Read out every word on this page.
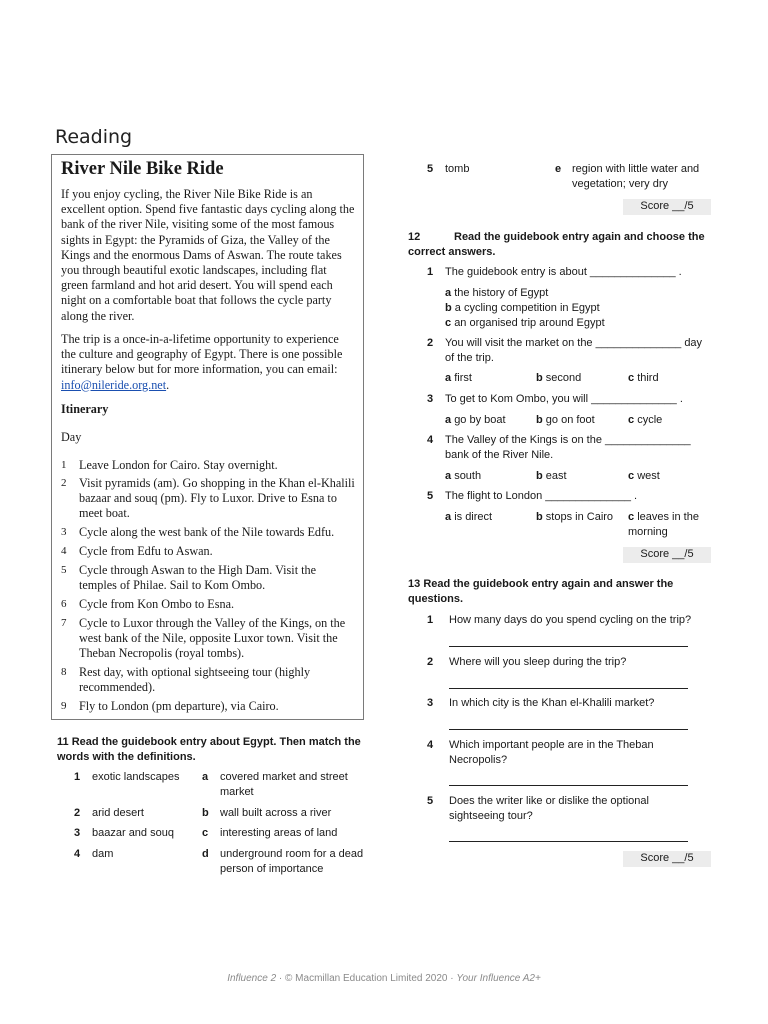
Reading
River Nile Bike Ride
If you enjoy cycling, the River Nile Bike Ride is an excellent option. Spend five fantastic days cycling along the bank of the river Nile, visiting some of the most famous sights in Egypt: the Pyramids of Giza, the Valley of the Kings and the enormous Dams of Aswan. The route takes you through beautiful exotic landscapes, including flat green farmland and hot arid desert. You will spend each night on a comfortable boat that follows the cycle party along the river.
The trip is a once-in-a-lifetime opportunity to experience the culture and geography of Egypt. There is one possible itinerary below but for more information, you can email: info@nileride.org.net.
Itinerary
Day
1	Leave London for Cairo. Stay overnight.
2	Visit pyramids (am). Go shopping in the Khan el-Khalili bazaar and souq (pm). Fly to Luxor. Drive to Esna to meet boat.
3	Cycle along the west bank of the Nile towards Edfu.
4	Cycle from Edfu to Aswan.
5	Cycle through Aswan to the High Dam. Visit the temples of Philae. Sail to Kom Ombo.
6	Cycle from Kon Ombo to Esna.
7	Cycle to Luxor through the Valley of the Kings, on the west bank of the Nile, opposite Luxor town. Visit the Theban Necropolis (royal tombs).
8	Rest day, with optional sightseeing tour (highly recommended).
9	Fly to London (pm departure), via Cairo.
11 Read the guidebook entry about Egypt. Then match the words with the definitions.
1 exotic landscapes	a covered market and street market
2 arid desert	b wall built across a river
3 baazar and souq	c interesting areas of land
4 dam	d underground room for a dead person of importance
5 tomb	e region with little water and vegetation; very dry
Score __/5
12	Read the guidebook entry again and choose the correct answers.
1 The guidebook entry is about ______________ .
a the history of Egypt
b a cycling competition in Egypt
c an organised trip around Egypt
2 You will visit the market on the ______________ day of the trip.
a first	b second	c third
3 To get to Kom Ombo, you will ______________ .
a go by boat	b go on foot	c cycle
4 The Valley of the Kings is on the ______________ bank of the River Nile.
a south	b east	c west
5 The flight to London ______________ .
a is direct	b stops in Cairo	c leaves in the morning
Score __/5
13 Read the guidebook entry again and answer the questions.
1 How many days do you spend cycling on the trip?
2 Where will you sleep during the trip?
3 In which city is the Khan el-Khalili market?
4 Which important people are in the Theban Necropolis?
5 Does the writer like or dislike the optional sightseeing tour?
Score __/5
Influence 2 · © Macmillan Education Limited 2020 · Your Influence A2+
